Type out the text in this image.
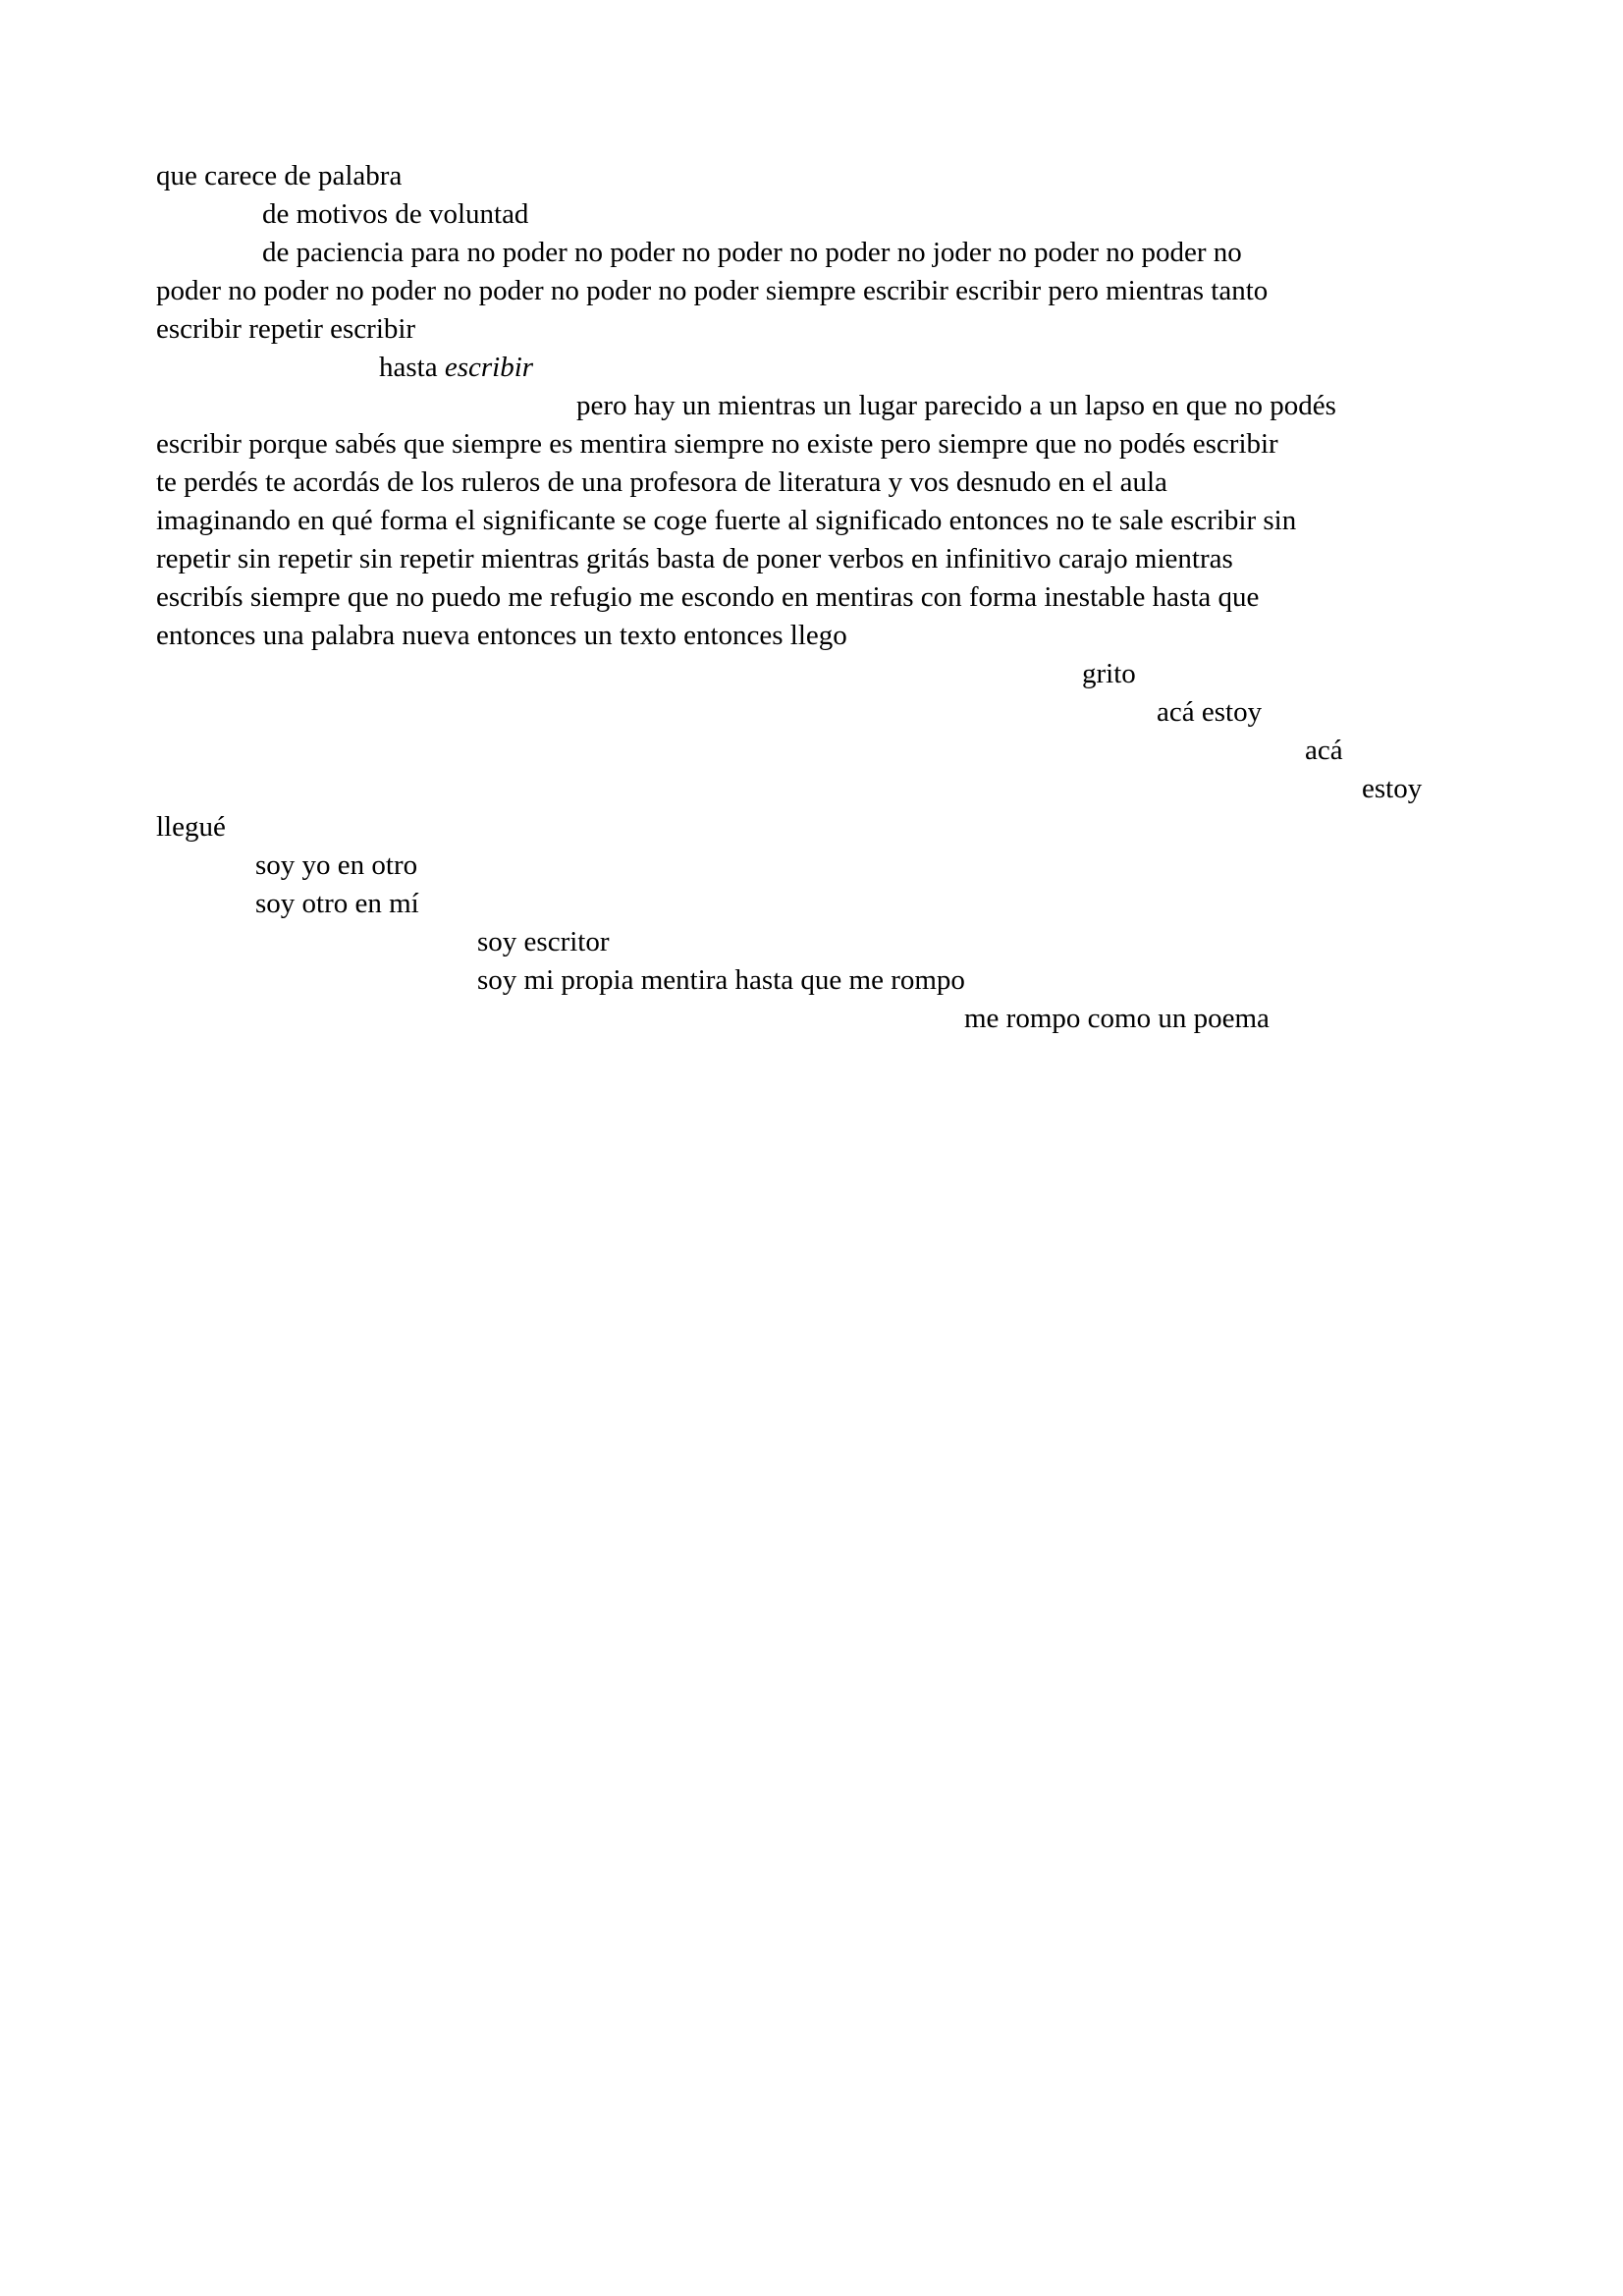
que carece de palabra

de motivos de voluntad

de paciencia para no poder no poder no poder no poder no joder no poder no poder no

poder no poder no poder no poder no poder no poder siempre escribir escribir pero mientras tanto

escribir repetir escribir

hasta escribir

pero hay un mientras un lugar parecido a un lapso en que no podés

escribir porque sabés que siempre es mentira siempre no existe pero siempre que no podés escribir

te perdés te acordás de los ruleros de una profesora de literatura y vos desnudo en el aula

imaginando en qué forma el significante se coge fuerte al significado entonces no te sale escribir sin

repetir sin repetir sin repetir mientras gritás basta de poner verbos en infinitivo carajo mientras

escribís siempre que no puedo me refugio me escondo en mentiras con forma inestable hasta que

entonces una palabra nueva entonces un texto entonces llego

grito

acá estoy

acá

estoy

llegué

soy yo en otro

soy otro en mí

soy escritor

soy mi propia mentira hasta que me rompo

me rompo como un poema
